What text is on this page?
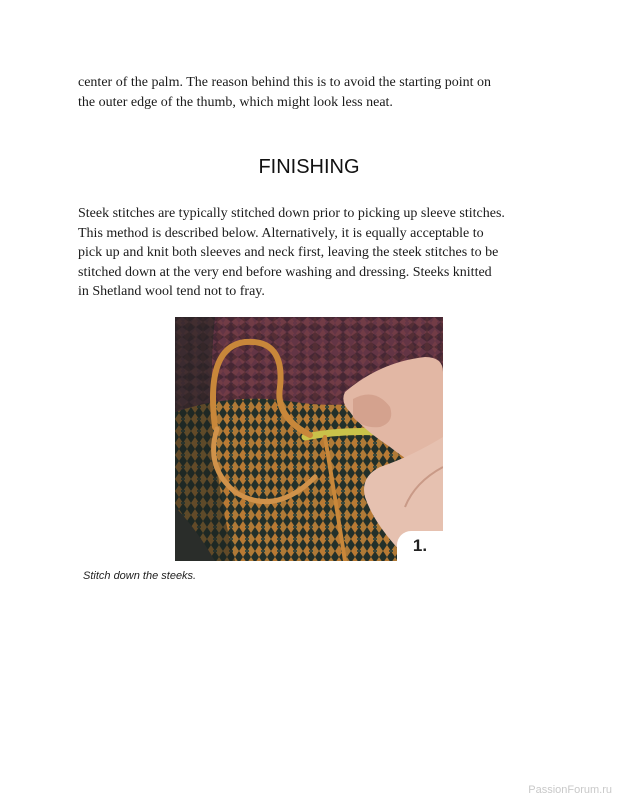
center of the palm. The reason behind this is to avoid the starting point on
the outer edge of the thumb, which might look less neat.

FINISHING

Steek stitches are typically stitched down prior to picking up sleeve stitches.
This method is described below. Alternatively, it is equally acceptable to
pick up and knit both sleeves and neck first, leaving the steek stitches to be
stitched down at the very end before washing and dressing. Steeks knitted
in Shetland wool tend not to fray.

1.

Stitch down the steeks.

PassionForum.ru
